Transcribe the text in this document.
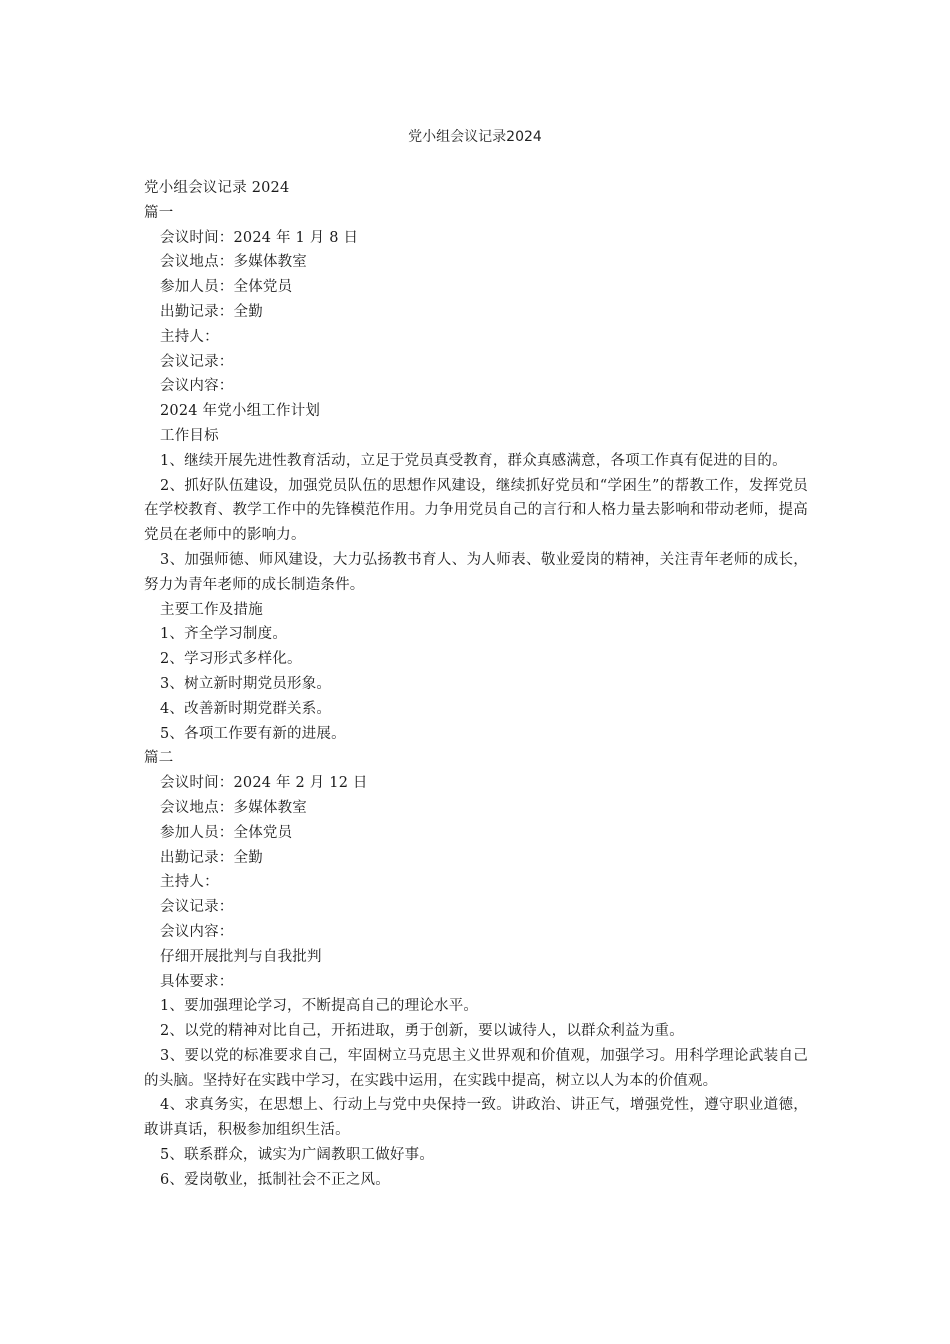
党小组会议记录2024
党小组会议记录 2024
篇一
会议时间：2024 年 1 月 8 日
会议地点：多媒体教室
参加人员：全体党员
出勤记录：全勤
主持人：
会议记录：
会议内容：
2024 年党小组工作计划
工作目标
1、继续开展先进性教育活动，立足于党员真受教育，群众真感满意，各项工作真有促进的目的。
2、抓好队伍建设，加强党员队伍的思想作风建设，继续抓好党员和“学困生”的帮教工作，发挥党员在学校教育、教学工作中的先锋模范作用。力争用党员自己的言行和人格力量去影响和带动老师，提高党员在老师中的影响力。
3、加强师德、师风建设，大力弘扬教书育人、为人师表、敬业爱岗的精神，关注青年老师的成长，努力为青年老师的成长制造条件。
主要工作及措施
1、齐全学习制度。
2、学习形式多样化。
3、树立新时期党员形象。
4、改善新时期党群关系。
5、各项工作要有新的进展。
篇二
会议时间：2024 年 2 月 12 日
会议地点：多媒体教室
参加人员：全体党员
出勤记录：全勤
主持人：
会议记录：
会议内容：
仔细开展批判与自我批判
具体要求：
1、要加强理论学习，不断提高自己的理论水平。
2、以党的精神对比自己，开拓进取，勇于创新，要以诚待人，以群众利益为重。
3、要以党的标准要求自己，牢固树立马克思主义世界观和价值观，加强学习。用科学理论武装自己的头脑。坚持好在实践中学习，在实践中运用，在实践中提高，树立以人为本的价值观。
4、求真务实，在思想上、行动上与党中央保持一致。讲政治、讲正气，增强党性，遵守职业道德，敢讲真话，积极参加组织生活。
5、联系群众，诚实为广阔教职工做好事。
6、爱岗敬业，抵制社会不正之风。
